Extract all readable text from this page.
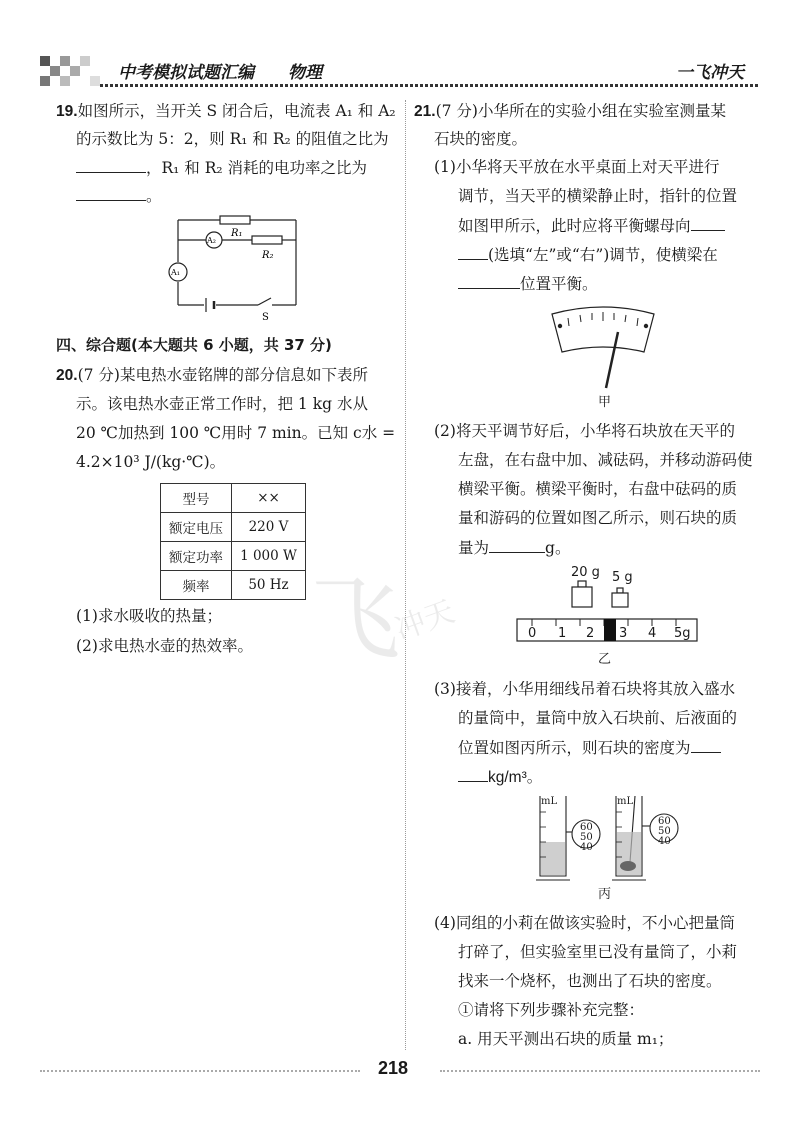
中考模拟试题汇编 物理	一飞冲天
飞
冲天
19.如图所示，当开关 S 闭合后，电流表 A₁ 和 A₂
的示数比为 5：2，则 R₁ 和 R₂ 的阻值之比为
，R₁ 和 R₂ 消耗的电功率之比为
。
R₁
R₂
A₂
A₁
S
四、综合题(本大题共 6 小题，共 37 分)
20.(7 分)某电热水壶铭牌的部分信息如下表所
示。该电热水壶正常工作时，把 1 kg 水从
20 ℃加热到 100 ℃用时 7 min。已知 c水 =
4.2×10³ J/(kg·℃)。
型号	××
额定电压	220 V
额定功率	1 000 W
频率	50 Hz
(1)求水吸收的热量；
(2)求电热水壶的热效率。
21.(7 分)小华所在的实验小组在实验室测量某
石块的密度。
(1)小华将天平放在水平桌面上对天平进行
调节，当天平的横梁静止时，指针的位置
如图甲所示，此时应将平衡螺母向
(选填“左”或“右”)调节，使横梁在
位置平衡。
甲
(2)将天平调节好后，小华将石块放在天平的
左盘，在右盘中加、减砝码，并移动游码使
横梁平衡。横梁平衡时，右盘中砝码的质
量和游码的位置如图乙所示，则石块的质
量为	g。
20 g 5 g
0 1 2 3 4 5g
乙
(3)接着，小华用细线吊着石块将其放入盛水
的量筒中，量筒中放入石块前、后液面的
位置如图丙所示，则石块的密度为
kg/m³。
mL	mL
60
50
40
60
50
40
丙
(4)同组的小莉在做该实验时，不小心把量筒
打碎了，但实验室里已没有量筒了，小莉
找来一个烧杯，也测出了石块的密度。
①请将下列步骤补充完整：
a. 用天平测出石块的质量 m₁；
218
